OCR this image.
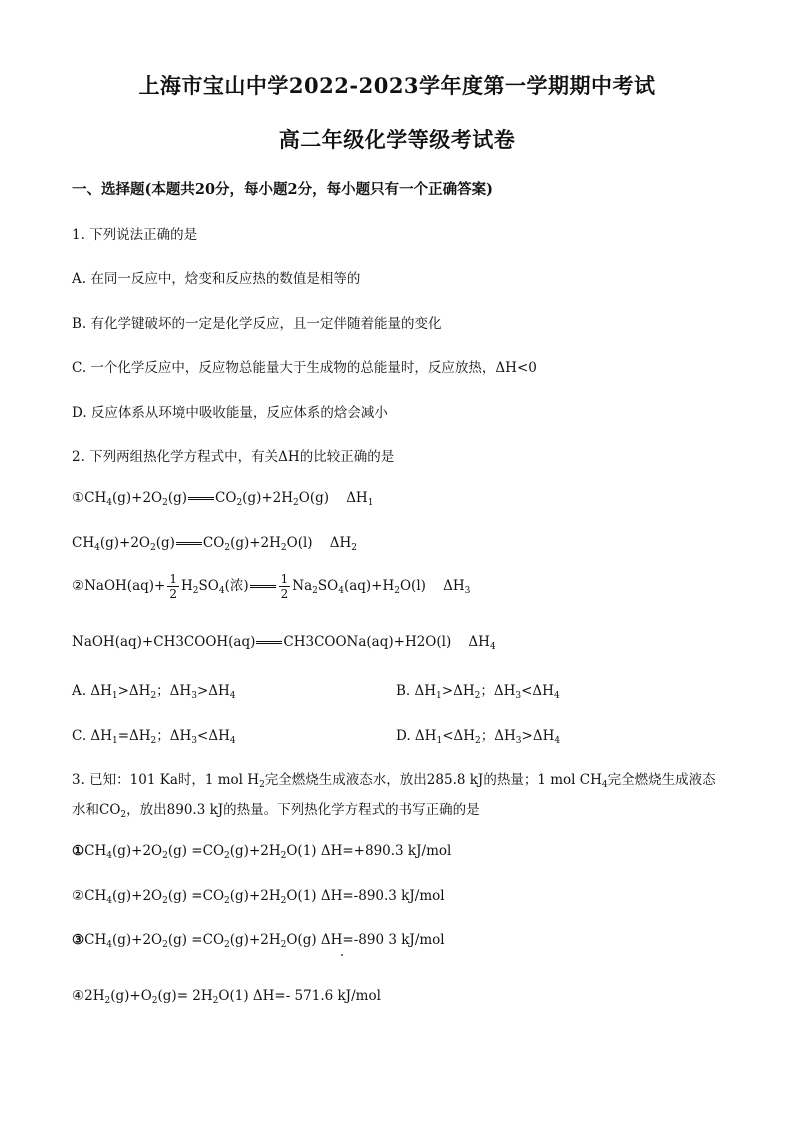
上海市宝山中学2022-2023学年度第一学期期中考试
高二年级化学等级考试卷
一、选择题(本题共20分，每小题2分，每小题只有一个正确答案)
1. 下列说法正确的是
A. 在同一反应中，焓变和反应热的数值是相等的
B. 有化学键破坏的一定是化学反应，且一定伴随着能量的变化
C. 一个化学反应中，反应物总能量大于生成物的总能量时，反应放热，ΔH<0
D. 反应体系从环境中吸收能量，反应体系的焓会减小
2. 下列两组热化学方程式中，有关ΔH的比较正确的是
$①CH_4(g)+2O_2(g)$ $CO_2(g)+2H_2O(g)$ $\Delta H_1$
$CH_4(g)+2O_2(g)$ $CO_2(g)+2H_2O(l)$ $\Delta H_2$
②NaOH(aq)+ $\frac{1}{2} H_2SO_4$(浓)	$\frac{1}{2} Na_2SO_4(aq)+H_2O(l)$ $\Delta H_3$
NaOH(aq)+CH3COOH(aq) CH3COONa(aq)+H2O(l) $\Delta H_4$
A. $\Delta H_1>\Delta H_2$；$\Delta H_3>\Delta H_4$	B. $\Delta H_1>\Delta H_2$；$\Delta H_3<\Delta H_4$
C. $\Delta H_1=\Delta H_2$；$\Delta H_3<\Delta H_4$	D. $\Delta H_1<\Delta H_2$；$\Delta H_3>\Delta H_4$
3. 已知：101 Ka时，1 mol $H_2$完全燃烧生成液态水，放出285.8 kJ的热量；1 mol $CH_4$完全燃烧生成液态
水和$CO_2$，放出890.3 kJ的热量。下列热化学方程式的书写正确的是
$①CH_4(g)+2O_2(g) =CO_2(g)+2H_2O(1)$ ΔH=+890.3 kJ/mol
$②CH_4(g)+2O_2(g) =CO_2(g)+2H_2O(1)$ ΔH=-890.3 kJ/mol
$③CH_4(g)+2O_2(g) =CO_2(g)+2H_2O(g)$ ΔH=-890 3 kJ/mol
$④2H_2(g)+O_2(g)= 2H_2O(1)$ ΔH=- 571.6 kJ/mol
